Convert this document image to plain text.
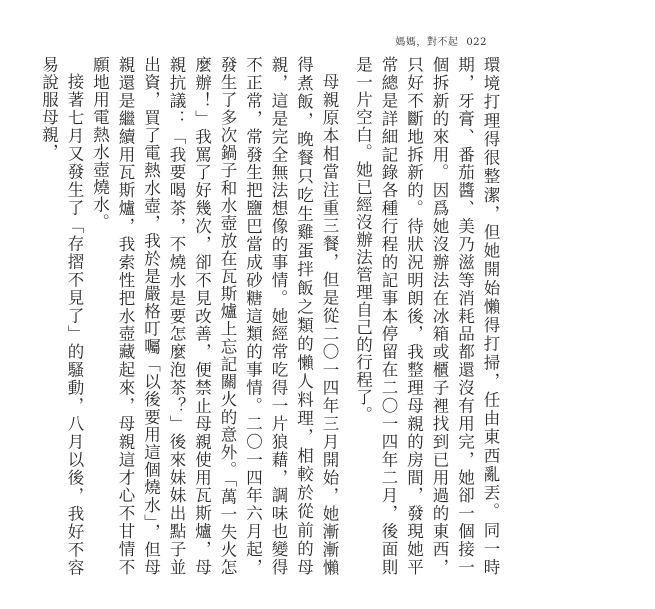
媽媽，對不起 022

環境打理得很整潔，但她開始懶得打掃，任由東西亂丟。同一時期，牙膏、番茄醬、美乃滋等消耗品都還沒有用完，她卻一個接一個拆新的來用。因爲她沒辦法在冰箱或櫃子裡找到已用過的東西，只好不斷地拆新的。待狀況明朗後，我整理母親的房間，發現她平常總是詳細記錄各種行程的記事本停留在二〇一四年二月，後面則是一片空白。她已經沒辦法管理自己的行程了。

母親原本相當注重三餐，但是從二〇一四年三月開始，她漸漸懶得煮飯，晚餐只吃生雞蛋拌飯之類的懶人料理，相較於從前的母親，這是完全無法想像的事情。她經常吃得一片狼藉，調味也變得不正常，常發生把鹽巴當成砂糖這類的事情。二〇一四年六月起，發生了多次鍋子和水壺放在瓦斯爐上忘記關火的意外。「萬一失火怎麼辦！」我罵了好幾次，卻不見改善，便禁止母親使用瓦斯爐，母親抗議：「我要喝茶，不燒水是要怎麼泡茶？」後來妹妹出點子並出資，買了電熱水壺，我於是嚴格叮囑「以後要用這個燒水」，但母親還是繼續用瓦斯爐，我索性把水壺藏起來，母親這才心不甘情不願地用電熱水壺燒水。

接著七月又發生了「存摺不見了」的騷動，八月以後，我好不容易說服母親，
